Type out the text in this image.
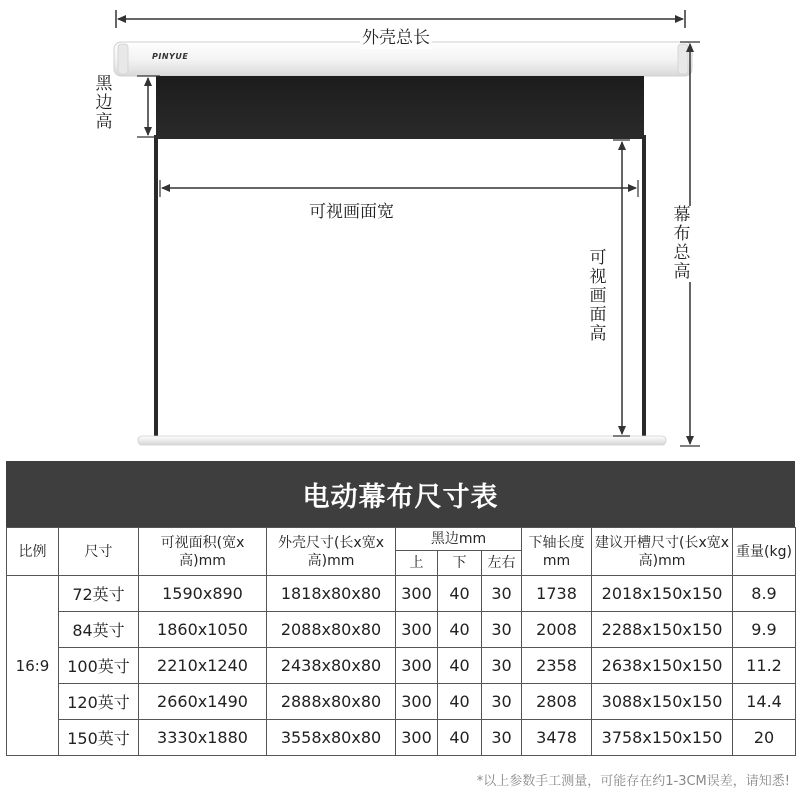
PINYUE
外壳总长
可视画面宽
黑
边
高
可
视
画
面
高
幕
布
总
高
电动幕布尺寸表
比例	尺寸	可视面积(宽x高)mm	外壳尺寸(长x宽x高)mm	黑边mm			下轴长度mm	建议开槽尺寸(长x宽x高)mm	重量(kg)
				上	下	左右			
16:9	72英寸	1590x890	1818x80x80	300	40	30	1738	2018x150x150	8.9
	84英寸	1860x1050	2088x80x80	300	40	30	2008	2288x150x150	9.9
	100英寸	2210x1240	2438x80x80	300	40	30	2358	2638x150x150	11.2
	120英寸	2660x1490	2888x80x80	300	40	30	2808	3088x150x150	14.4
	150英寸	3330x1880	3558x80x80	300	40	30	3478	3758x150x150	20
*以上参数手工测量，可能存在约1-3CM误差，请知悉!
